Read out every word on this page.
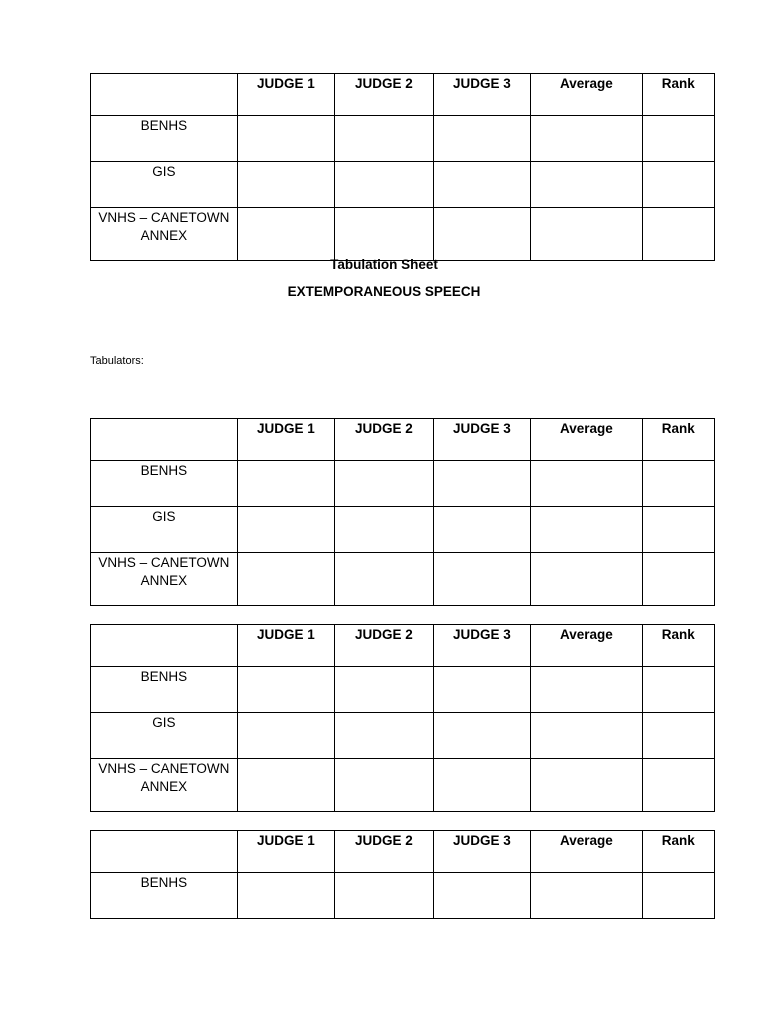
	JUDGE 1	JUDGE 2	JUDGE 3	Average	Rank
BENHS					
GIS					
VNHS – CANETOWN ANNEX					
Tabulation Sheet
EXTEMPORANEOUS SPEECH
Tabulators:
	JUDGE 1	JUDGE 2	JUDGE 3	Average	Rank
BENHS					
GIS					
VNHS – CANETOWN ANNEX					
	JUDGE 1	JUDGE 2	JUDGE 3	Average	Rank
BENHS					
GIS					
VNHS – CANETOWN ANNEX					
	JUDGE 1	JUDGE 2	JUDGE 3	Average	Rank
BENHS					
